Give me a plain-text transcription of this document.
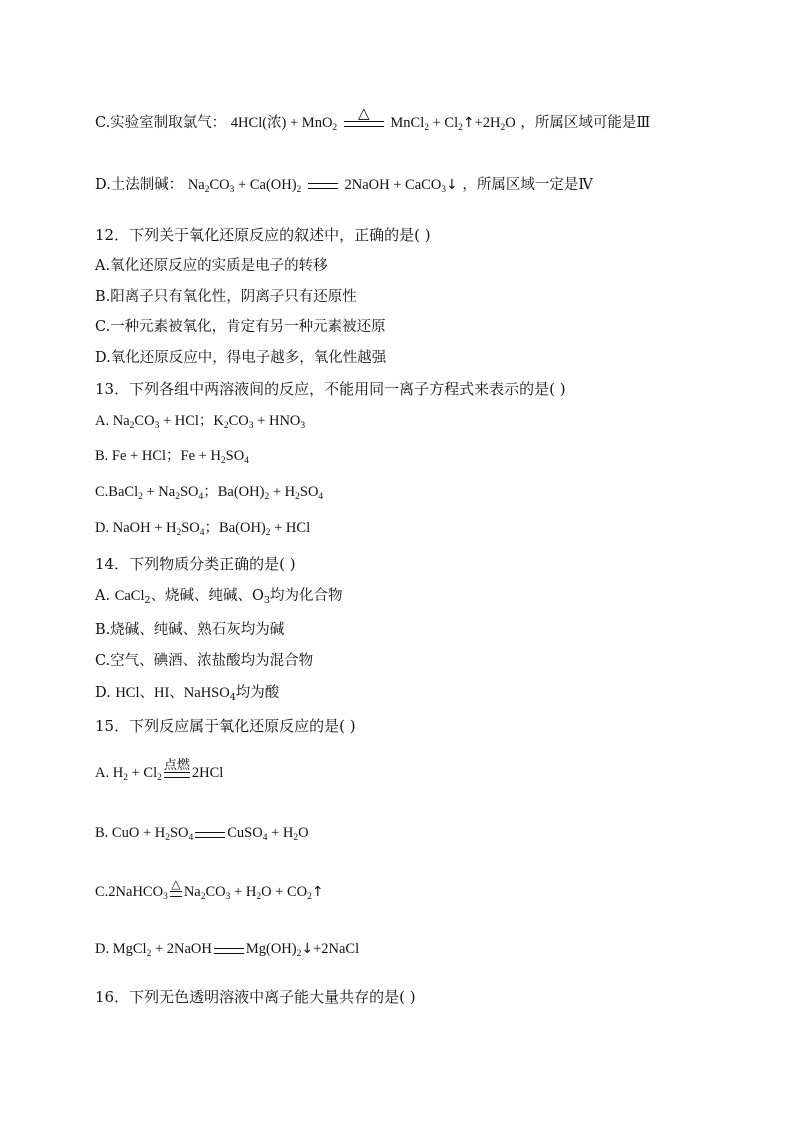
C.实验室制取氯气： 4HCl(浓) + MnO$_2$
△
MnCl$_2$ + $Cl_2↑+2H_2O$ ，所属区域可能是Ⅲ
D.土法制碱： $Na_2CO_3 + Ca(OH)_2$	2NaOH + CaCO$_3$↓ ，所属区域一定是Ⅳ
12．下列关于氧化还原反应的叙述中，正确的是( )
A.氧化还原反应的实质是电子的转移
B.阳离子只有氧化性，阴离子只有还原性
C.一种元素被氧化，肯定有另一种元素被还原
D.氧化还原反应中，得电子越多，氧化性越强
13．下列各组中两溶液间的反应，不能用同一离子方程式来表示的是( )
A. $Na_2CO_3$ + HCl；$K_2CO_3 + HNO_3$
B. Fe + HCl；$Fe + H_2SO_4$
C.BaCl$_2$ + $Na_2SO_4$；$Ba(OH)_2 + H_2SO_4$
D. NaOH + $H_2SO_4$；$Ba(OH)_2$ + HCl
14．下列物质分类正确的是( )
A. CaCl$_2$、烧碱、纯碱、$O_3$均为化合物
B.烧碱、纯碱、熟石灰均为碱
C.空气、碘酒、浓盐酸均为混合物
D. HCl、HI、NaHSO$_4$均为酸
15．下列反应属于氧化还原反应的是( )
A. $H_2 + Cl_2$
点燃 2HCl
B. CuO + $H_2SO_4$ CuSO$_4$ + $H_2O$
C.2NaHCO$_3$
△
$Na_2CO_3 + H_2O$ + $CO_2↑$
D. MgCl$_2$ + 2NaOH $Mg(OH)_2↓+2NaCl$
16．下列无色透明溶液中离子能大量共存的是( )
